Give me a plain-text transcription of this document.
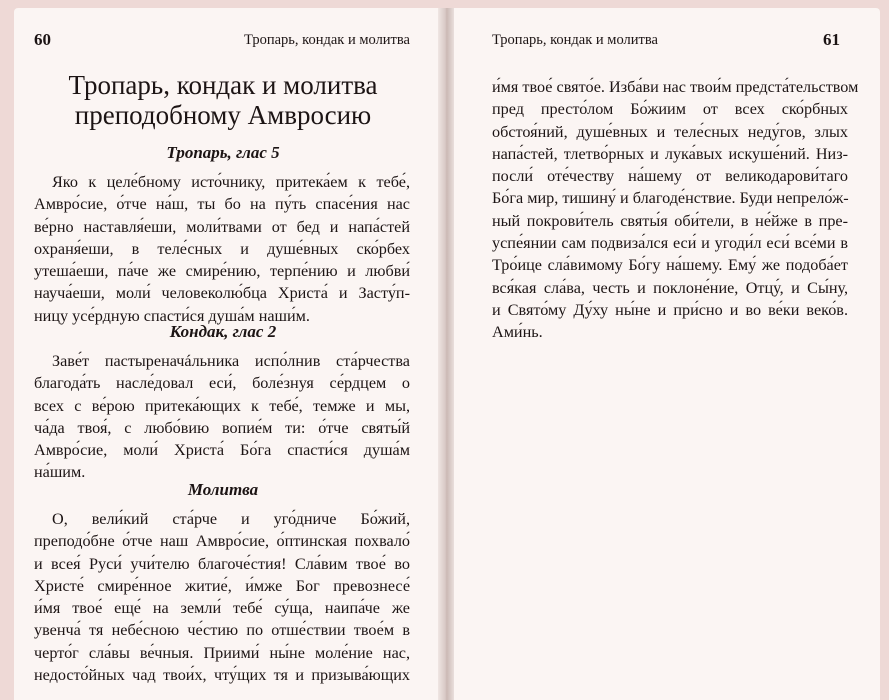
60	Тропарь, кондак и молитва
Тропарь, кондак и молитва
преподобному Амвросию
Тропарь, глас 5
Яко к целе́бному исто́чнику, притека́ем к тебе́,
Амвро́сие, о́тче на́ш, ты бо на пу́ть спасе́ния нас
ве́рно наставля́еши, моли́твами от бед и напа́стей
охраня́еши, в теле́сных и душе́вных ско́рбех
утеша́еши, па́че же смире́нию, терпе́нию и любви́
науча́еши, моли́ человеколю́бца Христа́ и Засту́п-
ницу усе́рдную спасти́ся душа́м наши́м.
Кондак, глас 2
Заве́т пастыреначáльника испо́лнив ста́рчества
благода́ть насле́довал еси́, боле́знуя се́рдцем о
всех с ве́рою притека́ющих к тебе́, темже и мы,
ча́да твоя́, с любо́вию вопие́м ти: о́тче святы́й
Амвро́сие, моли́ Христа́ Бо́га спасти́ся душа́м
на́шим.
Молитва
О, вели́кий ста́рче и уго́дниче Бо́жий,
преподо́бне о́тче наш Амвро́сие, о́птинская похвало́
и всея́ Руси́ учи́телю благоче́стия! Сла́вим твое́ во
Христе́ смире́нное житие́, и́мже Бог превознесе́
и́мя твое́ еще́ на земли́ тебе́ су́ща, наипа́че же
увенча́ тя небе́сною че́стию по отше́ствии твое́м в
черто́г сла́вы ве́чныя. Приими́ ны́не моле́ние нас,
недосто́йных чад твои́х, чту́щих тя и призыва́ющих
Тропарь, кондак и молитва	61
и́мя твое́ свято́е. Изба́ви нас твои́м предста́тельством
пред престо́лом Бо́жиим от всех ско́рбных
обстоя́ний, душе́вных и теле́сных неду́гов, злых
напа́стей, тлетво́рных и лука́вых искуше́ний. Низ-
посли́ оте́честву на́шему от великодарови́таго
Бо́га мир, тишину́ и благоде́нствие. Буди непрело́ж-
ный покрови́тель святы́я оби́тели, в не́йже в пре-
успе́янии сам подвиза́лся еси́ и угоди́л еси́ все́ми в
Тро́ице сла́вимому Бо́гу на́шему. Ему́ же подоба́ет
вся́кая сла́ва, честь и поклоне́ние, Отцу́, и Сы́ну,
и Свято́му Ду́ху ны́не и при́сно и во ве́ки веко́в.
Ами́нь.
